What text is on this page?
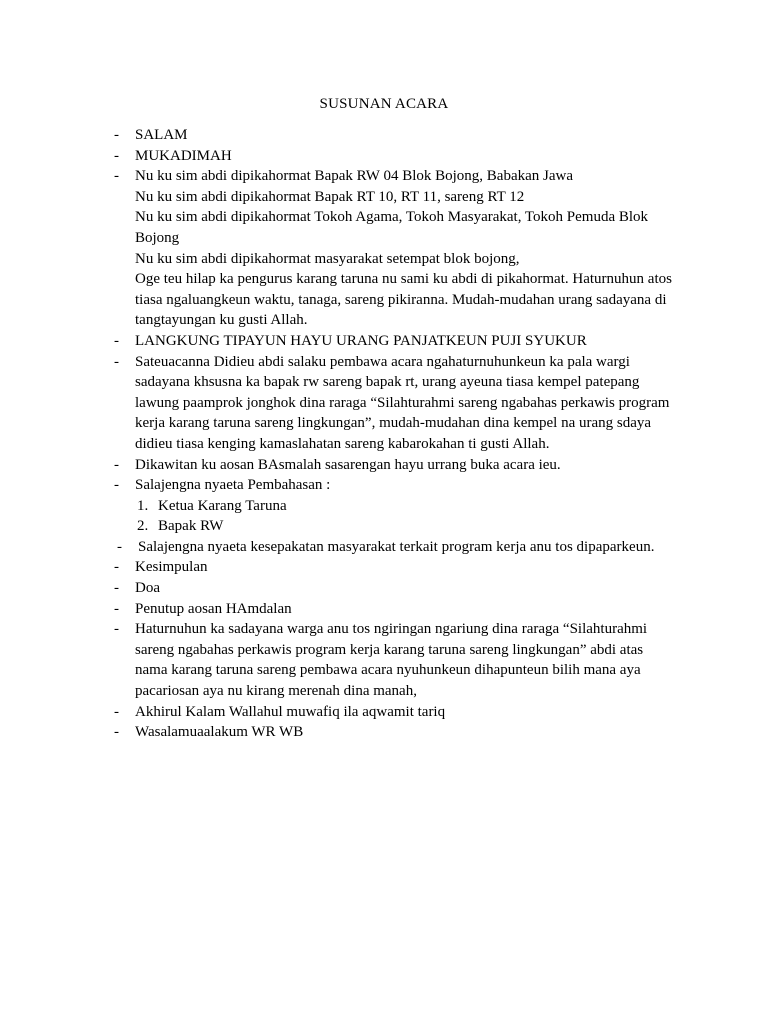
SUSUNAN ACARA
- SALAM
- MUKADIMAH
- Nu ku sim abdi dipikahormat Bapak RW 04 Blok Bojong, Babakan Jawa
Nu ku sim abdi dipikahormat Bapak RT 10, RT 11, sareng RT 12
Nu ku sim abdi dipikahormat Tokoh Agama, Tokoh Masyarakat, Tokoh Pemuda Blok
Bojong
Nu ku sim abdi dipikahormat masyarakat setempat blok bojong,
Oge teu hilap ka pengurus karang taruna nu sami ku abdi di pikahormat. Haturnuhun atos
tiasa ngaluangkeun waktu, tanaga, sareng pikiranna. Mudah-mudahan urang sadayana di
tangtayungan ku gusti Allah.
- LANGKUNG TIPAYUN HAYU URANG PANJATKEUN PUJI SYUKUR
- Sateuacanna Didieu abdi salaku pembawa acara ngahaturnuhunkeun ka pala wargi
sadayana khsusna ka bapak rw sareng bapak rt, urang ayeuna tiasa kempel patepang
lawung paamprok jonghok dina raraga “Silahturahmi sareng ngabahas perkawis program
kerja karang taruna sareng lingkungan”, mudah-mudahan dina kempel na urang sdaya
didieu tiasa kenging kamaslahatan sareng kabarokahan ti gusti Allah.
- Dikawitan ku aosan BAsmalah sasarengan hayu urrang buka acara ieu.
- Salajengna nyaeta Pembahasan :
1. Ketua Karang Taruna
2. Bapak RW
- Salajengna nyaeta kesepakatan masyarakat terkait program kerja anu tos dipaparkeun.
- Kesimpulan
- Doa
- Penutup aosan HAmdalan
- Haturnuhun ka sadayana warga anu tos ngiringan ngariung dina raraga “Silahturahmi
sareng ngabahas perkawis program kerja karang taruna sareng lingkungan” abdi atas
nama karang taruna sareng pembawa acara nyuhunkeun dihapunteun bilih mana aya
pacariosan aya nu kirang merenah dina manah,
- Akhirul Kalam Wallahul muwafiq ila aqwamit tariq
- Wasalamuaalakum WR WB
